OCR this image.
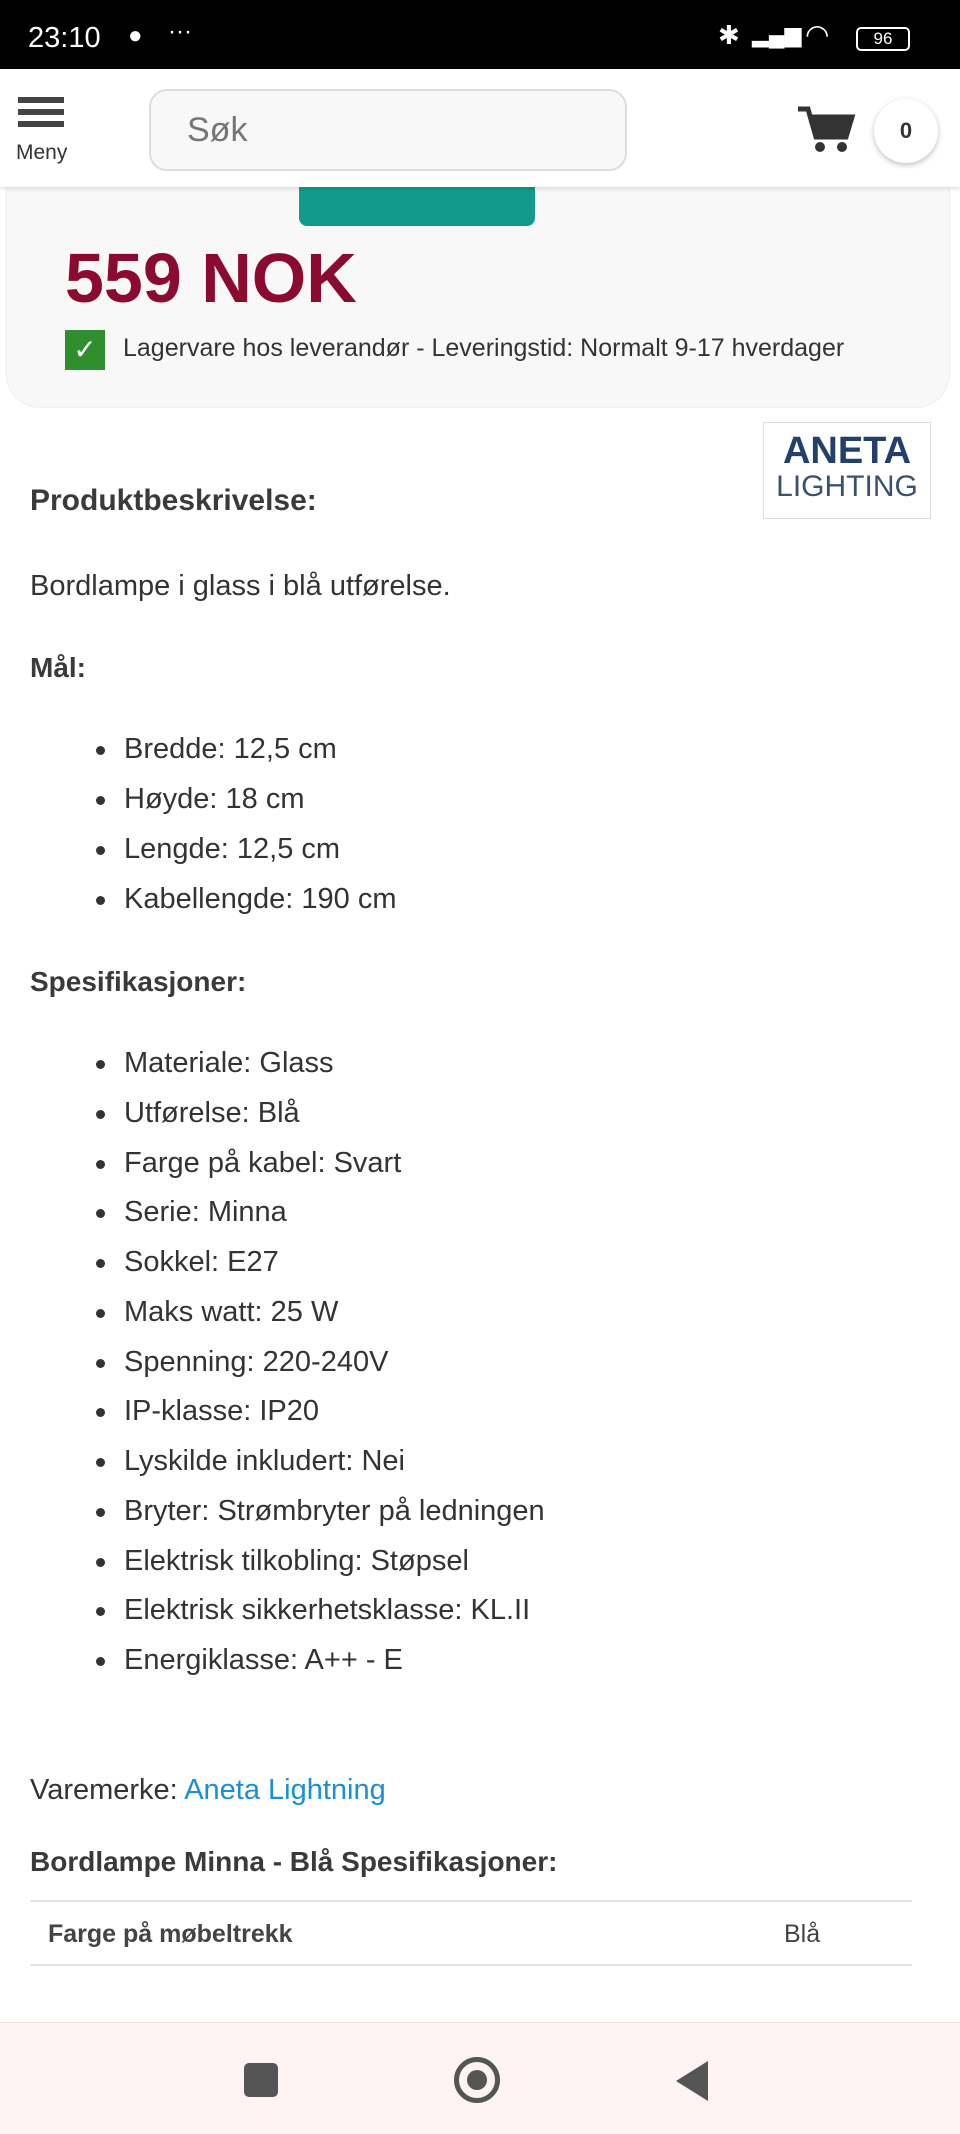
23:10 ● ···	✱ ▂▄▆ ◠	96
Meny
Søk
0
559 NOK
✓	Lagervare hos leverandør - Leveringstid: Normalt 9-17 hverdager
ANETA
LIGHTING
Produktbeskrivelse:
Bordlampe i glass i blå utførelse.
Mål:
Bredde: 12,5 cm
Høyde: 18 cm
Lengde: 12,5 cm
Kabellengde: 190 cm
Spesifikasjoner:
Materiale: Glass
Utførelse: Blå
Farge på kabel: Svart
Serie: Minna
Sokkel: E27
Maks watt: 25 W
Spenning: 220-240V
IP-klasse: IP20
Lyskilde inkludert: Nei
Bryter: Strømbryter på ledningen
Elektrisk tilkobling: Støpsel
Elektrisk sikkerhetsklasse: KL.II
Energiklasse: A++ - E
Varemerke: Aneta Lightning
Bordlampe Minna - Blå Spesifikasjoner:
Farge på møbeltrekk	Blå
